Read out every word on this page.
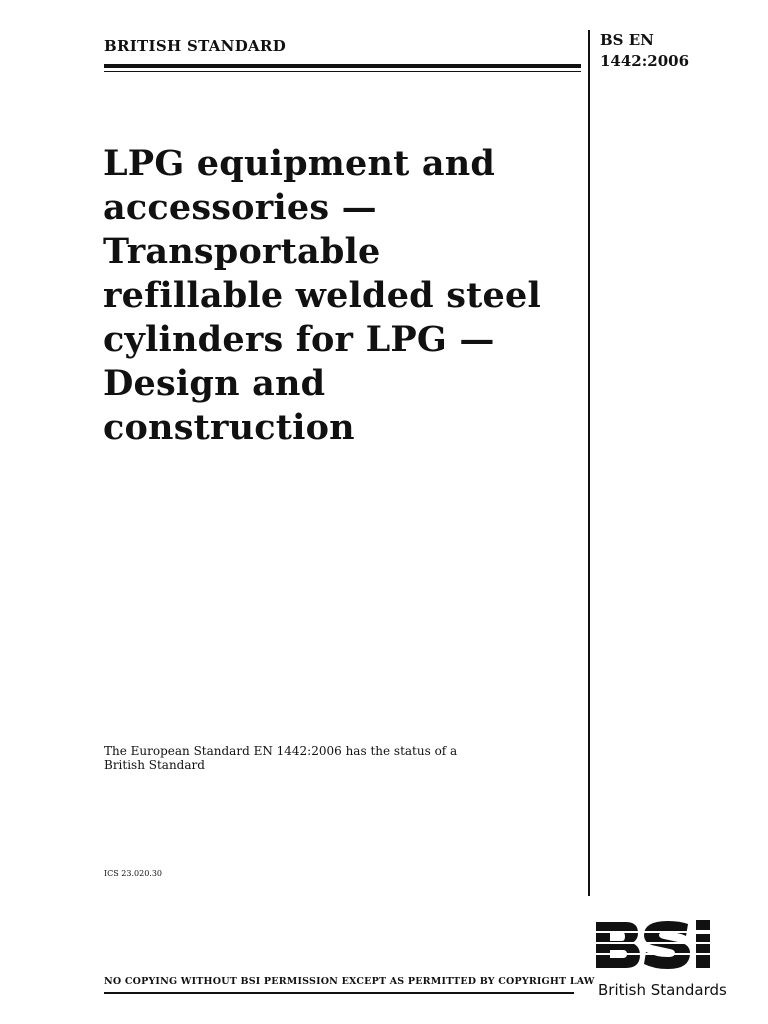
BRITISH STANDARD	BS EN
1442:2006
LPG equipment and
accessories —
Transportable
refillable welded steel
cylinders for LPG —
Design and
construction
The European Standard EN 1442:2006 has the status of a
British Standard
ICS 23.020.30
NO COPYING WITHOUT BSI PERMISSION EXCEPT AS PERMITTED BY COPYRIGHT LAW British Standards
